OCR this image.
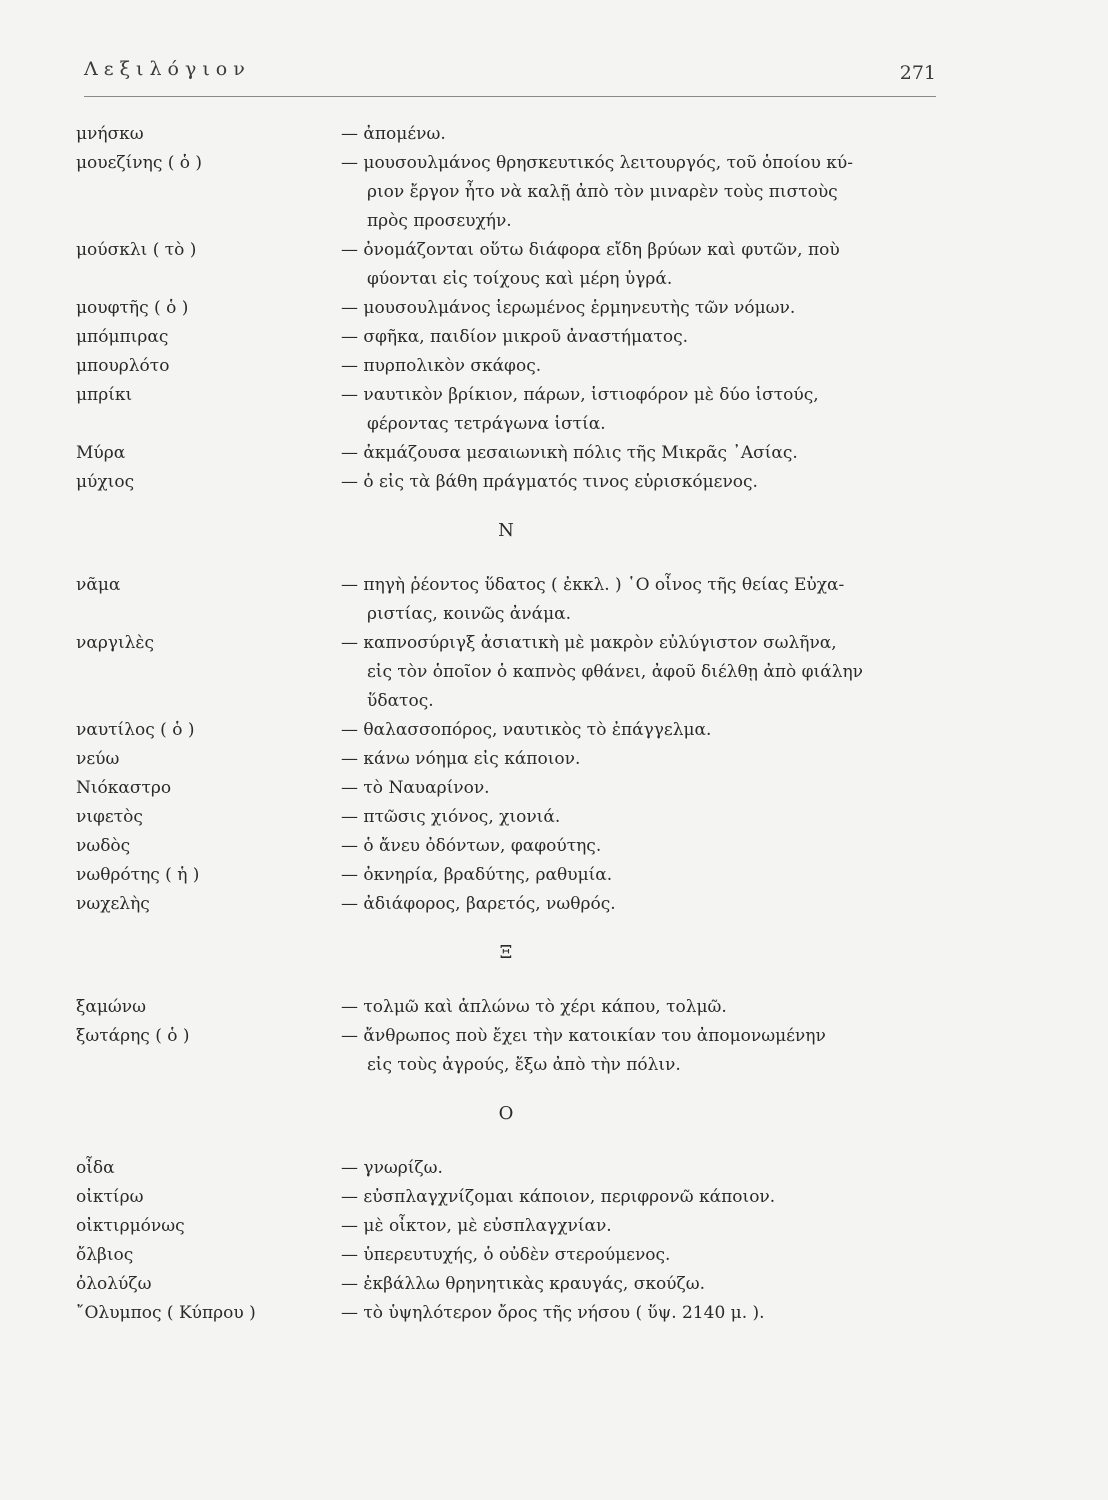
Λεξιλόγιον	271
μνήσκω	— ἀπομένω.
μουεζίνης ( ὁ )	— μουσουλμάνος θρησκευτικός λειτουργός, τοῦ ὁποίου κύ-
ριον ἔργον ἦτο νὰ καλῇ ἀπὸ τὸν μιναρὲν τοὺς πιστοὺς
πρὸς προσευχήν.
μούσκλι ( τὸ )	— ὀνομάζονται οὕτω διάφορα εἴδη βρύων καὶ φυτῶν, ποὺ
φύονται εἰς τοίχους καὶ μέρη ὑγρά.
μουφτῆς ( ὁ )	— μουσουλμάνος ἱερωμένος ἑρμηνευτὴς τῶν νόμων.
μπόμπιρας	— σφῆκα, παιδίον μικροῦ ἀναστήματος.
μπουρλότο	— πυρπολικὸν σκάφος.
μπρίκι	— ναυτικὸν βρίκιον, πάρων, ἱστιοφόρον μὲ δύο ἱστούς,
φέροντας τετράγωνα ἱστία.
Μύρα	— ἀκμάζουσα μεσαιωνικὴ πόλις τῆς Μικρᾶς ᾿Ασίας.
μύχιος	— ὁ εἰς τὰ βάθη πράγματός τινος εὑρισκόμενος.
Ν
νᾶμα	— πηγὴ ῥέοντος ὕδατος ( ἐκκλ. ) ῾Ο οἶνος τῆς θείας Εὐχα-
ριστίας, κοινῶς ἀνάμα.
ναργιλὲς	— καπνοσύριγξ ἀσιατικὴ μὲ μακρὸν εὐλύγιστον σωλῆνα,
εἰς τὸν ὁποῖον ὁ καπνὸς φθάνει, ἀφοῦ διέλθῃ ἀπὸ φιάλην
ὕδατος.
ναυτίλος ( ὁ )	— θαλασσοπόρος, ναυτικὸς τὸ ἐπάγγελμα.
νεύω	— κάνω νόημα εἰς κάποιον.
Νιόκαστρο	— τὸ Ναυαρίνον.
νιφετὸς	— πτῶσις χιόνος, χιονιά.
νωδὸς	— ὁ ἄνευ ὀδόντων, φαφούτης.
νωθρότης ( ἡ )	— ὀκνηρία, βραδύτης, ραθυμία.
νωχελὴς	— ἀδιάφορος, βαρετός, νωθρός.
Ξ
ξαμώνω	— τολμῶ καὶ ἁπλώνω τὸ χέρι κάπου, τολμῶ.
ξωτάρης ( ὁ )	— ἄνθρωπος ποὺ ἔχει τὴν κατοικίαν του ἀπομονωμένην
εἰς τοὺς ἀγρούς, ἔξω ἀπὸ τὴν πόλιν.
Ο
οἶδα	— γνωρίζω.
οἰκτίρω	— εὐσπλαγχνίζομαι κάποιον, περιφρονῶ κάποιον.
οἰκτιρμόνως	— μὲ οἶκτον, μὲ εὐσπλαγχνίαν.
ὄλβιος	— ὑπερευτυχής, ὁ οὐδὲν στερούμενος.
ὀλολύζω	— ἐκβάλλω θρηνητικὰς κραυγάς, σκούζω.
῎Ολυμπος ( Κύπρου )	— τὸ ὑψηλότερον ὄρος τῆς νήσου ( ὕψ. 2140 μ. ).
